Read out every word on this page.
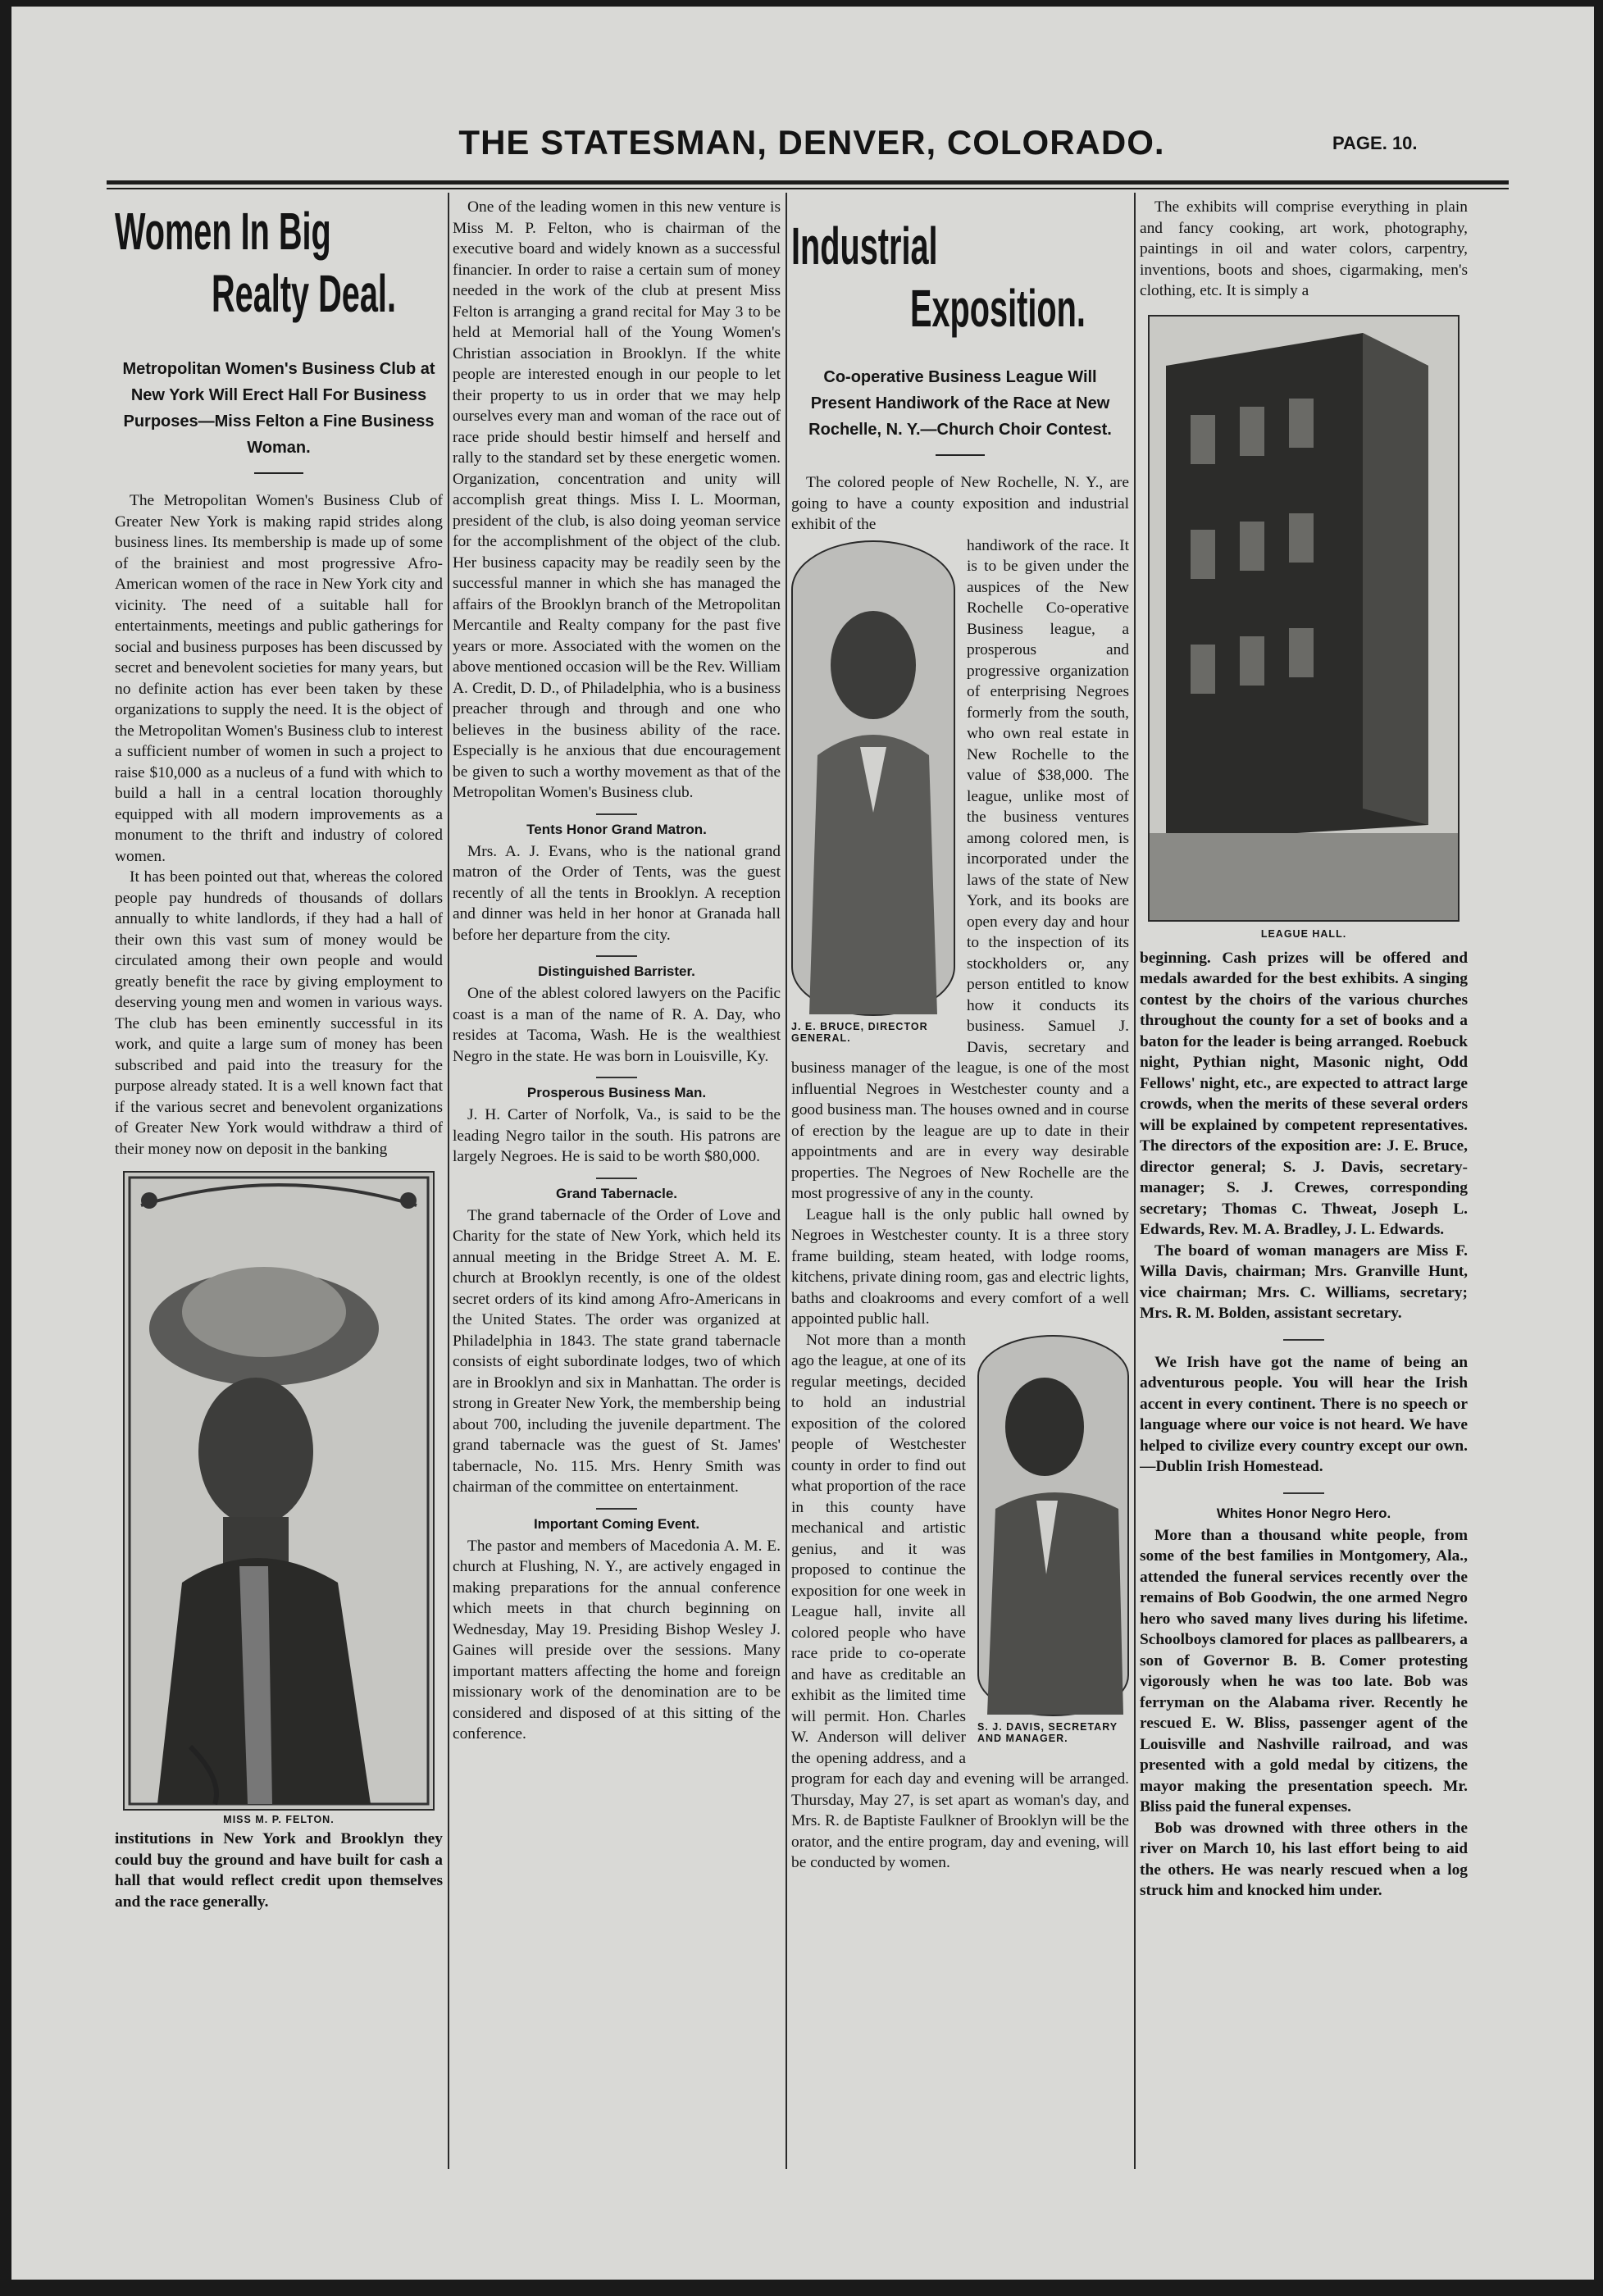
THE STATESMAN, DENVER, COLORADO.	PAGE. 10.
Women In Big
Realty Deal.
Metropolitan Women's Business Club at New York Will Erect Hall For Business Purposes—Miss Felton a Fine Business Woman.

The Metropolitan Women's Business Club of Greater New York is making rapid strides along business lines. Its membership is made up of some of the brainiest and most progressive Afro-American women of the race in New York city and vicinity. The need of a suitable hall for entertainments, meetings and public gatherings for social and business purposes has been discussed by secret and benevolent societies for many years, but no definite action has ever been taken by these organizations to supply the need. It is the object of the Metropolitan Women's Business club to interest a sufficient number of women in such a project to raise $10,000 as a nucleus of a fund with which to build a hall in a central location thoroughly equipped with all modern improvements as a monument to the thrift and industry of colored women.

It has been pointed out that, whereas the colored people pay hundreds of thousands of dollars annually to white landlords, if they had a hall of their own this vast sum of money would be circulated among their own people and would greatly benefit the race by giving employment to deserving young men and women in various ways. The club has been eminently successful in its work, and quite a large sum of money has been subscribed and paid into the treasury for the purpose already stated. It is a well known fact that if the various secret and benevolent organizations of Greater New York would withdraw a third of their money now on deposit in the banking

MISS M. P. FELTON.

institutions in New York and Brooklyn they could buy the ground and have built for cash a hall that would reflect credit upon themselves and the race generally.

One of the leading women in this new venture is Miss M. P. Felton, who is chairman of the executive board and widely known as a successful financier. In order to raise a certain sum of money needed in the work of the club at present Miss Felton is arranging a grand recital for May 3 to be held at Memorial hall of the Young Women's Christian association in Brooklyn. If the white people are interested enough in our people to let their property to us in order that we may help ourselves every man and woman of the race out of race pride should bestir himself and herself and rally to the standard set by these energetic women. Organization, concentration and unity will accomplish great things. Miss I. L. Moorman, president of the club, is also doing yeoman service for the accomplishment of the object of the club. Her business capacity may be readily seen by the successful manner in which she has managed the affairs of the Brooklyn branch of the Metropolitan Mercantile and Realty company for the past five years or more. Associated with the women on the above mentioned occasion will be the Rev. William A. Credit, D. D., of Philadelphia, who is a business preacher through and through and one who believes in the business ability of the race. Especially is he anxious that due encouragement be given to such a worthy movement as that of the Metropolitan Women's Business club.

Tents Honor Grand Matron.

Mrs. A. J. Evans, who is the national grand matron of the Order of Tents, was the guest recently of all the tents in Brooklyn. A reception and dinner was held in her honor at Granada hall before her departure from the city.

Distinguished Barrister.

One of the ablest colored lawyers on the Pacific coast is a man of the name of R. A. Day, who resides at Tacoma, Wash. He is the wealthiest Negro in the state. He was born in Louisville, Ky.

Prosperous Business Man.

J. H. Carter of Norfolk, Va., is said to be the leading Negro tailor in the south. His patrons are largely Negroes. He is said to be worth $80,000.

Grand Tabernacle.

The grand tabernacle of the Order of Love and Charity for the state of New York, which held its annual meeting in the Bridge Street A. M. E. church at Brooklyn recently, is one of the oldest secret orders of its kind among Afro-Americans in the United States. The order was organized at Philadelphia in 1843. The state grand tabernacle consists of eight subordinate lodges, two of which are in Brooklyn and six in Manhattan. The order is strong in Greater New York, the membership being about 700, including the juvenile department. The grand tabernacle was the guest of St. James' tabernacle, No. 115. Mrs. Henry Smith was chairman of the committee on entertainment.

Important Coming Event.

The pastor and members of Macedonia A. M. E. church at Flushing, N. Y., are actively engaged in making preparations for the annual conference which meets in that church beginning on Wednesday, May 19. Presiding Bishop Wesley J. Gaines will preside over the sessions. Many important matters affecting the home and foreign missionary work of the denomination are to be considered and disposed of at this sitting of the conference.

Industrial
Exposition.
Co-operative Business League Will Present Handiwork of the Race at New Rochelle, N. Y.—Church Choir Contest.

The colored people of New Rochelle, N. Y., are going to have a county exposition and industrial exhibit of the

J. E. BRUCE, DIRECTOR GENERAL.

handiwork of the race. It is to be given under the auspices of the New Rochelle Co-operative Business league, a prosperous and progressive organization of enterprising Negroes formerly from the south, who own real estate in New Rochelle to the value of $38,000. The league, unlike most of the business ventures among colored men, is incorporated under the laws of the state of New York, and its books are open every day and hour to the inspection of its stockholders or, any person entitled to know how it conducts its business. Samuel J. Davis, secretary and business manager of the league, is one of the most influential Negroes in Westchester county and a good business man. The houses owned and in course of erection by the league are up to date in their appointments and are in every way desirable properties. The Negroes of New Rochelle are the most progressive of any in the county.

League hall is the only public hall owned by Negroes in Westchester county. It is a three story frame building, steam heated, with lodge rooms, kitchens, private dining room, gas and electric lights, baths and cloakrooms and every comfort of a well appointed public hall.

S. J. DAVIS, SECRETARY AND MANAGER.

Not more than a month ago the league, at one of its regular meetings, decided to hold an industrial exposition of the colored people of Westchester county in order to find out what proportion of the race in this county have mechanical and artistic genius, and it was proposed to continue the exposition for one week in League hall, invite all colored people who have race pride to co-operate and have as creditable an exhibit as the limited time will permit. Hon. Charles W. Anderson will deliver the opening address, and a program for each day and evening will be arranged. Thursday, May 27, is set apart as woman's day, and Mrs. R. de Baptiste Faulkner of Brooklyn will be the orator, and the entire program, day and evening, will be conducted by women.

The exhibits will comprise everything in plain and fancy cooking, art work, photography, paintings in oil and water colors, carpentry, inventions, boots and shoes, cigarmaking, men's clothing, etc. It is simply a

LEAGUE HALL.

beginning. Cash prizes will be offered and medals awarded for the best exhibits. A singing contest by the choirs of the various churches throughout the county for a set of books and a baton for the leader is being arranged. Roebuck night, Pythian night, Masonic night, Odd Fellows' night, etc., are expected to attract large crowds, when the merits of these several orders will be explained by competent representatives. The directors of the exposition are: J. E. Bruce, director general; S. J. Davis, secretary-manager; S. J. Crewes, corresponding secretary; Thomas C. Thweat, Joseph L. Edwards, Rev. M. A. Bradley, J. L. Edwards.

The board of woman managers are Miss F. Willa Davis, chairman; Mrs. Granville Hunt, vice chairman; Mrs. C. Williams, secretary; Mrs. R. M. Bolden, assistant secretary.

We Irish have got the name of being an adventurous people. You will hear the Irish accent in every continent. There is no speech or language where our voice is not heard. We have helped to civilize every country except our own.—Dublin Irish Homestead.

Whites Honor Negro Hero.

More than a thousand white people, from some of the best families in Montgomery, Ala., attended the funeral services recently over the remains of Bob Goodwin, the one armed Negro hero who saved many lives during his lifetime. Schoolboys clamored for places as pallbearers, a son of Governor B. B. Comer protesting vigorously when he was too late. Bob was ferryman on the Alabama river. Recently he rescued E. W. Bliss, passenger agent of the Louisville and Nashville railroad, and was presented with a gold medal by citizens, the mayor making the presentation speech. Mr. Bliss paid the funeral expenses.

Bob was drowned with three others in the river on March 10, his last effort being to aid the others. He was nearly rescued when a log struck him and knocked him under.
